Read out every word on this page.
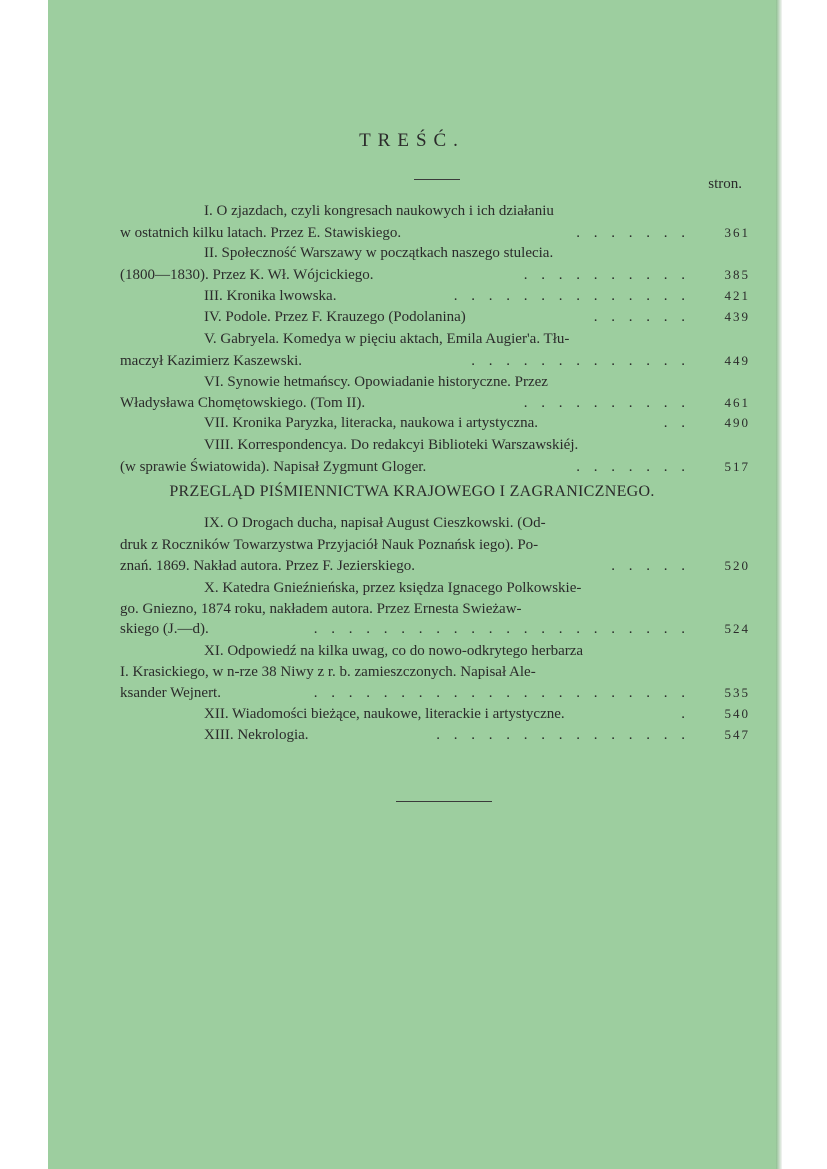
TREŚĆ.
stron.
I. O zjazdach, czyli kongresach naukowych i ich działaniu
w ostatnich kilku latach. Przez E. Stawiskiego.	. . . . . . .	361
II. Społeczność Warszawy w początkach naszego stulecia.
(1800—1830). Przez K. Wł. Wójcickiego.	. . . . . . . . . .	385
III. Kronika lwowska.	. . . . . . . . . . . . . .	421
IV. Podole. Przez F. Krauzego (Podolanina)	. . . . . .	439
V. Gabryela. Komedya w pięciu aktach, Emila Augier'a. Tłu-
maczył Kazimierz Kaszewski.	. . . . . . . . . . . . .	449
VI. Synowie hetmańscy. Opowiadanie historyczne. Przez
Władysława Chomętowskiego. (Tom II).	. . . . . . . . . .	461
VII. Kronika Paryzka, literacka, naukowa i artystyczna.	. .	490
VIII. Korrespondencya. Do redakcyi Biblioteki Warszawskiéj.
(w sprawie Światowida). Napisał Zygmunt Gloger.	. . . . . . .	517
IX. O Drogach ducha, napisał August Cieszkowski. (Od-
druk z Roczników Towarzystwa Przyjaciół Nauk Poznańsk iego). Po-
znań. 1869. Nakład autora. Przez F. Jezierskiego.	. . . . .	520
X. Katedra Gnieźnieńska, przez księdza Ignacego Polkowskie-
go. Gniezno, 1874 roku, nakładem autora. Przez Ernesta Swieżaw-
skiego (J.—d).	. . . . . . . . . . . . . . . . . . . . . .	524
XI. Odpowiedź na kilka uwag, co do nowo-odkrytego herbarza
I. Krasickiego, w n-rze 38 Niwy z r. b. zamieszczonych. Napisał Ale-
ksander Wejnert.	. . . . . . . . . . . . . . . . . . . . . .	535
XII. Wiadomości bieżące, naukowe, literackie i artystyczne.	.	540
XIII. Nekrologia.	. . . . . . . . . . . . . . .	547
PRZEGLĄD PIŚMIENNICTWA KRAJOWEGO I ZAGRANICZNEGO.
